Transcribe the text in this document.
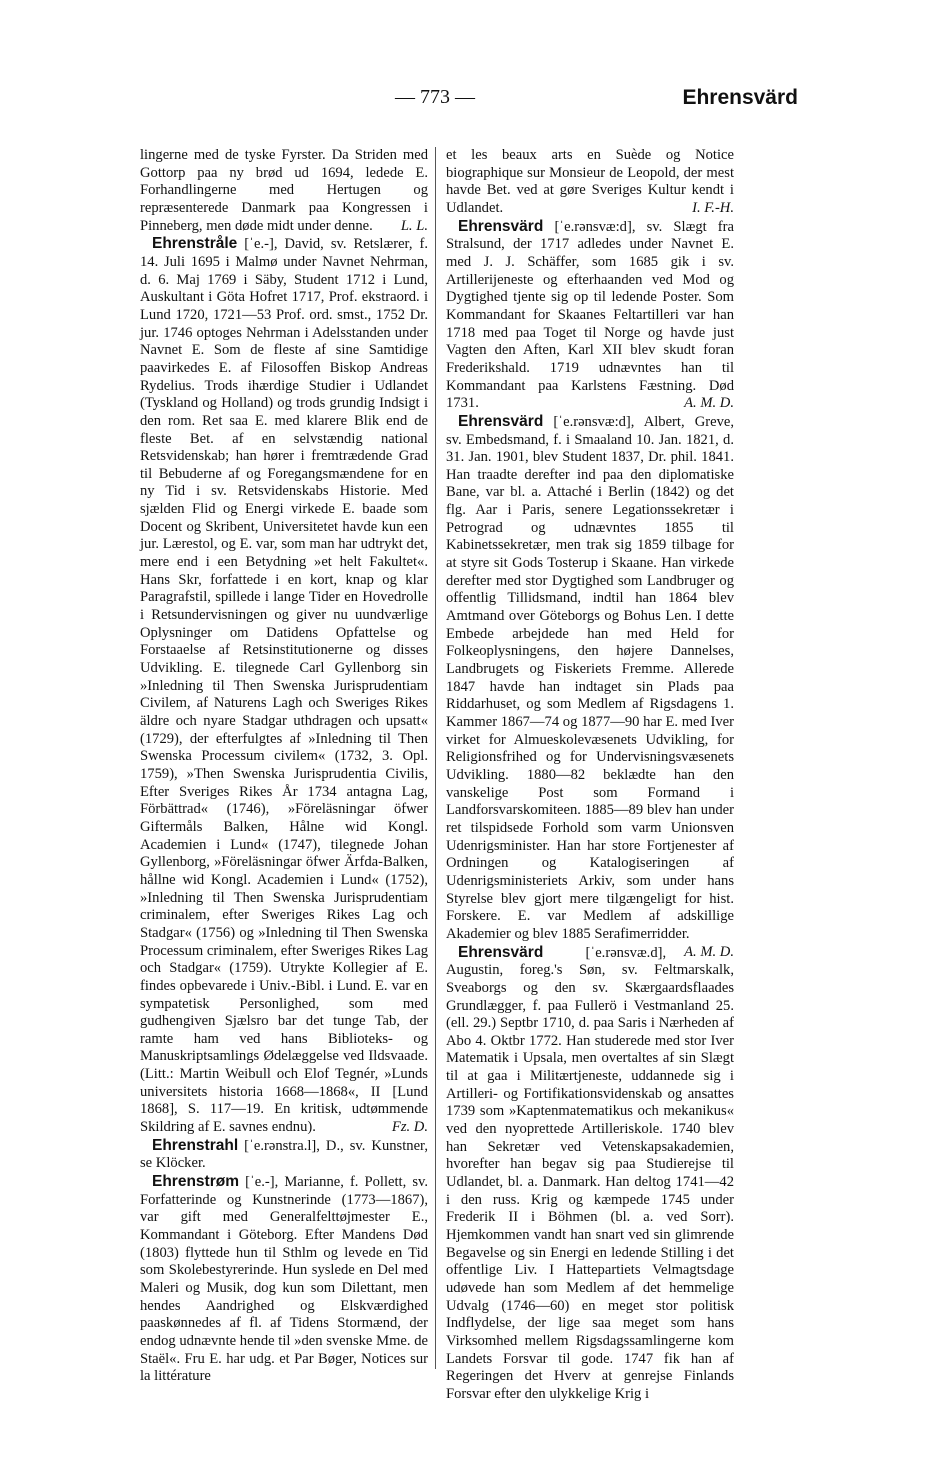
— 773 —	Ehrensvärd

lingerne med de tyske Fyrster. Da Striden med Gottorp paa ny brød ud 1694, ledede E. Forhandlingerne med Hertugen og repræsenterede Danmark paa Kongressen i Pinneberg, men døde midt under denne.	L. L.

Ehrenstråle [ˈe.-], David, sv. Retslærer, f. 14. Juli 1695 i Malmø under Navnet Nehrman, d. 6. Maj 1769 i Säby, Student 1712 i Lund, Auskultant i Göta Hofret 1717, Prof. ekstraord. i Lund 1720, 1721—53 Prof. ord. smst., 1752 Dr. jur. 1746 optoges Nehrman i Adelsstanden under Navnet E. Som de fleste af sine Samtidige paavirkedes E. af Filosoffen Biskop Andreas Rydelius. Trods ihærdige Studier i Udlandet (Tyskland og Holland) og trods grundig Indsigt i den rom. Ret saa E. med klarere Blik end de fleste Bet. af en selvstændig national Retsvidenskab; han hører i fremtrædende Grad til Bebuderne af og Foregangsmændene for en ny Tid i sv. Retsvidenskabs Historie. Med sjælden Flid og Energi virkede E. baade som Docent og Skribent, Universitetet havde kun een jur. Lærestol, og E. var, som man har udtrykt det, mere end i een Betydning »et helt Fakultet«. Hans Skr, forfattede i en kort, knap og klar Paragrafstil, spillede i lange Tider en Hovedrolle i Retsundervisningen og giver nu uundværlige Oplysninger om Datidens Opfattelse og Forstaaelse af Retsinstitutionerne og disses Udvikling. E. tilegnede Carl Gyllenborg sin »Inledning til Then Swenska Jurisprudentiam Civilem, af Naturens Lagh och Sweriges Rikes äldre och nyare Stadgar uthdragen och upsatt« (1729), der efterfulgtes af »Inledning til Then Swenska Processum civilem« (1732, 3. Opl. 1759), »Then Swenska Jurisprudentia Civilis, Efter Sveriges Rikes År 1734 antagna Lag, Förbättrad« (1746), »Föreläsningar öfwer Giftermåls Balken, Hålne wid Kongl. Academien i Lund« (1747), tilegnede Johan Gyllenborg, »Föreläsningar öfwer Ärfda-Balken, hållne wid Kongl. Academien i Lund« (1752), »Inledning til Then Swenska Jurisprudentiam criminalem, efter Sweriges Rikes Lag och Stadgar« (1756) og »Inledning til Then Swenska Processum criminalem, efter Sweriges Rikes Lag och Stadgar« (1759). Utrykte Kollegier af E. findes opbevarede i Univ.-Bibl. i Lund. E. var en sympatetisk Personlighed, som med gudhengiven Sjælsro bar det tunge Tab, der ramte ham ved hans Biblioteks- og Manuskriptsamlings Ødelæggelse ved Ildsvaade. (Litt.: Martin Weibull och Elof Tegnér, »Lunds universitets historia 1668—1868«, II [Lund 1868], S. 117—19. En kritisk, udtømmende Skildring af E. savnes endnu).	Fz. D.

Ehrenstrahl [ˈe.rənstra.l], D., sv. Kunstner, se Klöcker.

Ehrenstrøm [ˈe.-], Marianne, f. Pollett, sv. Forfatterinde og Kunstnerinde (1773—1867), var gift med Generalfelttøjmester E., Kommandant i Göteborg. Efter Mandens Død (1803) flyttede hun til Sthlm og levede en Tid som Skolebestyrerinde. Hun syslede en Del med Maleri og Musik, dog kun som Dilettant, men hendes Aandrighed og Elskværdighed paaskønnedes af fl. af Tidens Stormænd, der endog udnævnte hende til »den svenske Mme. de Staël«. Fru E. har udg. et Par Bøger, Notices sur la littérature

et les beaux arts en Suède og Notice biographique sur Monsieur de Leopold, der mest havde Bet. ved at gøre Sveriges Kultur kendt i Udlandet.	I. F.-H.

Ehrensvärd [ˈe.rənsvæ:d], sv. Slægt fra Stralsund, der 1717 adledes under Navnet E. med J. J. Schäffer, som 1685 gik i sv. Artillerijeneste og efterhaanden ved Mod og Dygtighed tjente sig op til ledende Poster. Som Kommandant for Skaanes Feltartilleri var han 1718 med paa Toget til Norge og havde just Vagten den Aften, Karl XII blev skudt foran Frederikshald. 1719 udnævntes han til Kommandant paa Karlstens Fæstning. Død 1731.	A. M. D.

Ehrensvärd [ˈe.rənsvæ:d], Albert, Greve, sv. Embedsmand, f. i Smaaland 10. Jan. 1821, d. 31. Jan. 1901, blev Student 1837, Dr. phil. 1841. Han traadte derefter ind paa den diplomatiske Bane, var bl. a. Attaché i Berlin (1842) og det flg. Aar i Paris, senere Legationssekretær i Petrograd og udnævntes 1855 til Kabinetssekretær, men trak sig 1859 tilbage for at styre sit Gods Tosterup i Skaane. Han virkede derefter med stor Dygtighed som Landbruger og offentlig Tillidsmand, indtil han 1864 blev Amtmand over Göteborgs og Bohus Len. I dette Embede arbejdede han med Held for Folkeoplysningens, den højere Dannelses, Landbrugets og Fiskeriets Fremme. Allerede 1847 havde han indtaget sin Plads paa Riddarhuset, og som Medlem af Rigsdagens 1. Kammer 1867—74 og 1877—90 har E. med Iver virket for Almueskolevæsenets Udvikling, for Religionsfrihed og for Undervisningsvæsenets Udvikling. 1880—82 beklædte han den vanskelige Post som Formand i Landforsvarskomiteen. 1885—89 blev han under ret tilspidsede Forhold som varm Unionsven Udenrigsminister. Han har store Fortjenester af Ordningen og Katalogiseringen af Udenrigsministeriets Arkiv, som under hans Styrelse blev gjort mere tilgængeligt for hist. Forskere. E. var Medlem af adskillige Akademier og blev 1885 Serafimerridder.
A. M. D.

Ehrensvärd	[ˈe.rənsvæ.d], Augustin, foreg.'s Søn, sv. Feltmarskalk, Sveaborgs og den sv. Skærgaardsflaades Grundlægger, f. paa Fullerö i Vestmanland 25. (ell. 29.) Septbr 1710, d. paa Saris i Nærheden af Abo 4. Oktbr 1772. Han studerede med stor Iver Matematik i Upsala, men overtaltes af sin Slægt til at gaa i Militærtjeneste, uddannede sig i Artilleri- og Fortifikationsvidenskab og ansattes 1739 som »Kaptenmatematikus och mekanikus« ved den nyoprettede Artilleriskole. 1740 blev han Sekretær ved Vetenskapsakademien, hvorefter han begav sig paa Studierejse til Udlandet, bl. a. Danmark. Han deltog 1741—42 i den russ. Krig og kæmpede 1745 under Frederik II i Böhmen (bl. a. ved Sorr). Hjemkommen vandt han snart ved sin glimrende Begavelse og sin Energi en ledende Stilling i det offentlige Liv. I Hattepartiets Velmagtsdage udøvede han som Medlem af det hemmelige Udvalg (1746—60) en meget stor politisk Indflydelse, der lige saa meget som hans Virksomhed mellem Rigsdagssamlingerne kom Landets Forsvar til gode. 1747 fik han af Regeringen det Hverv at genrejse Finlands Forsvar efter den ulykkelige Krig i
